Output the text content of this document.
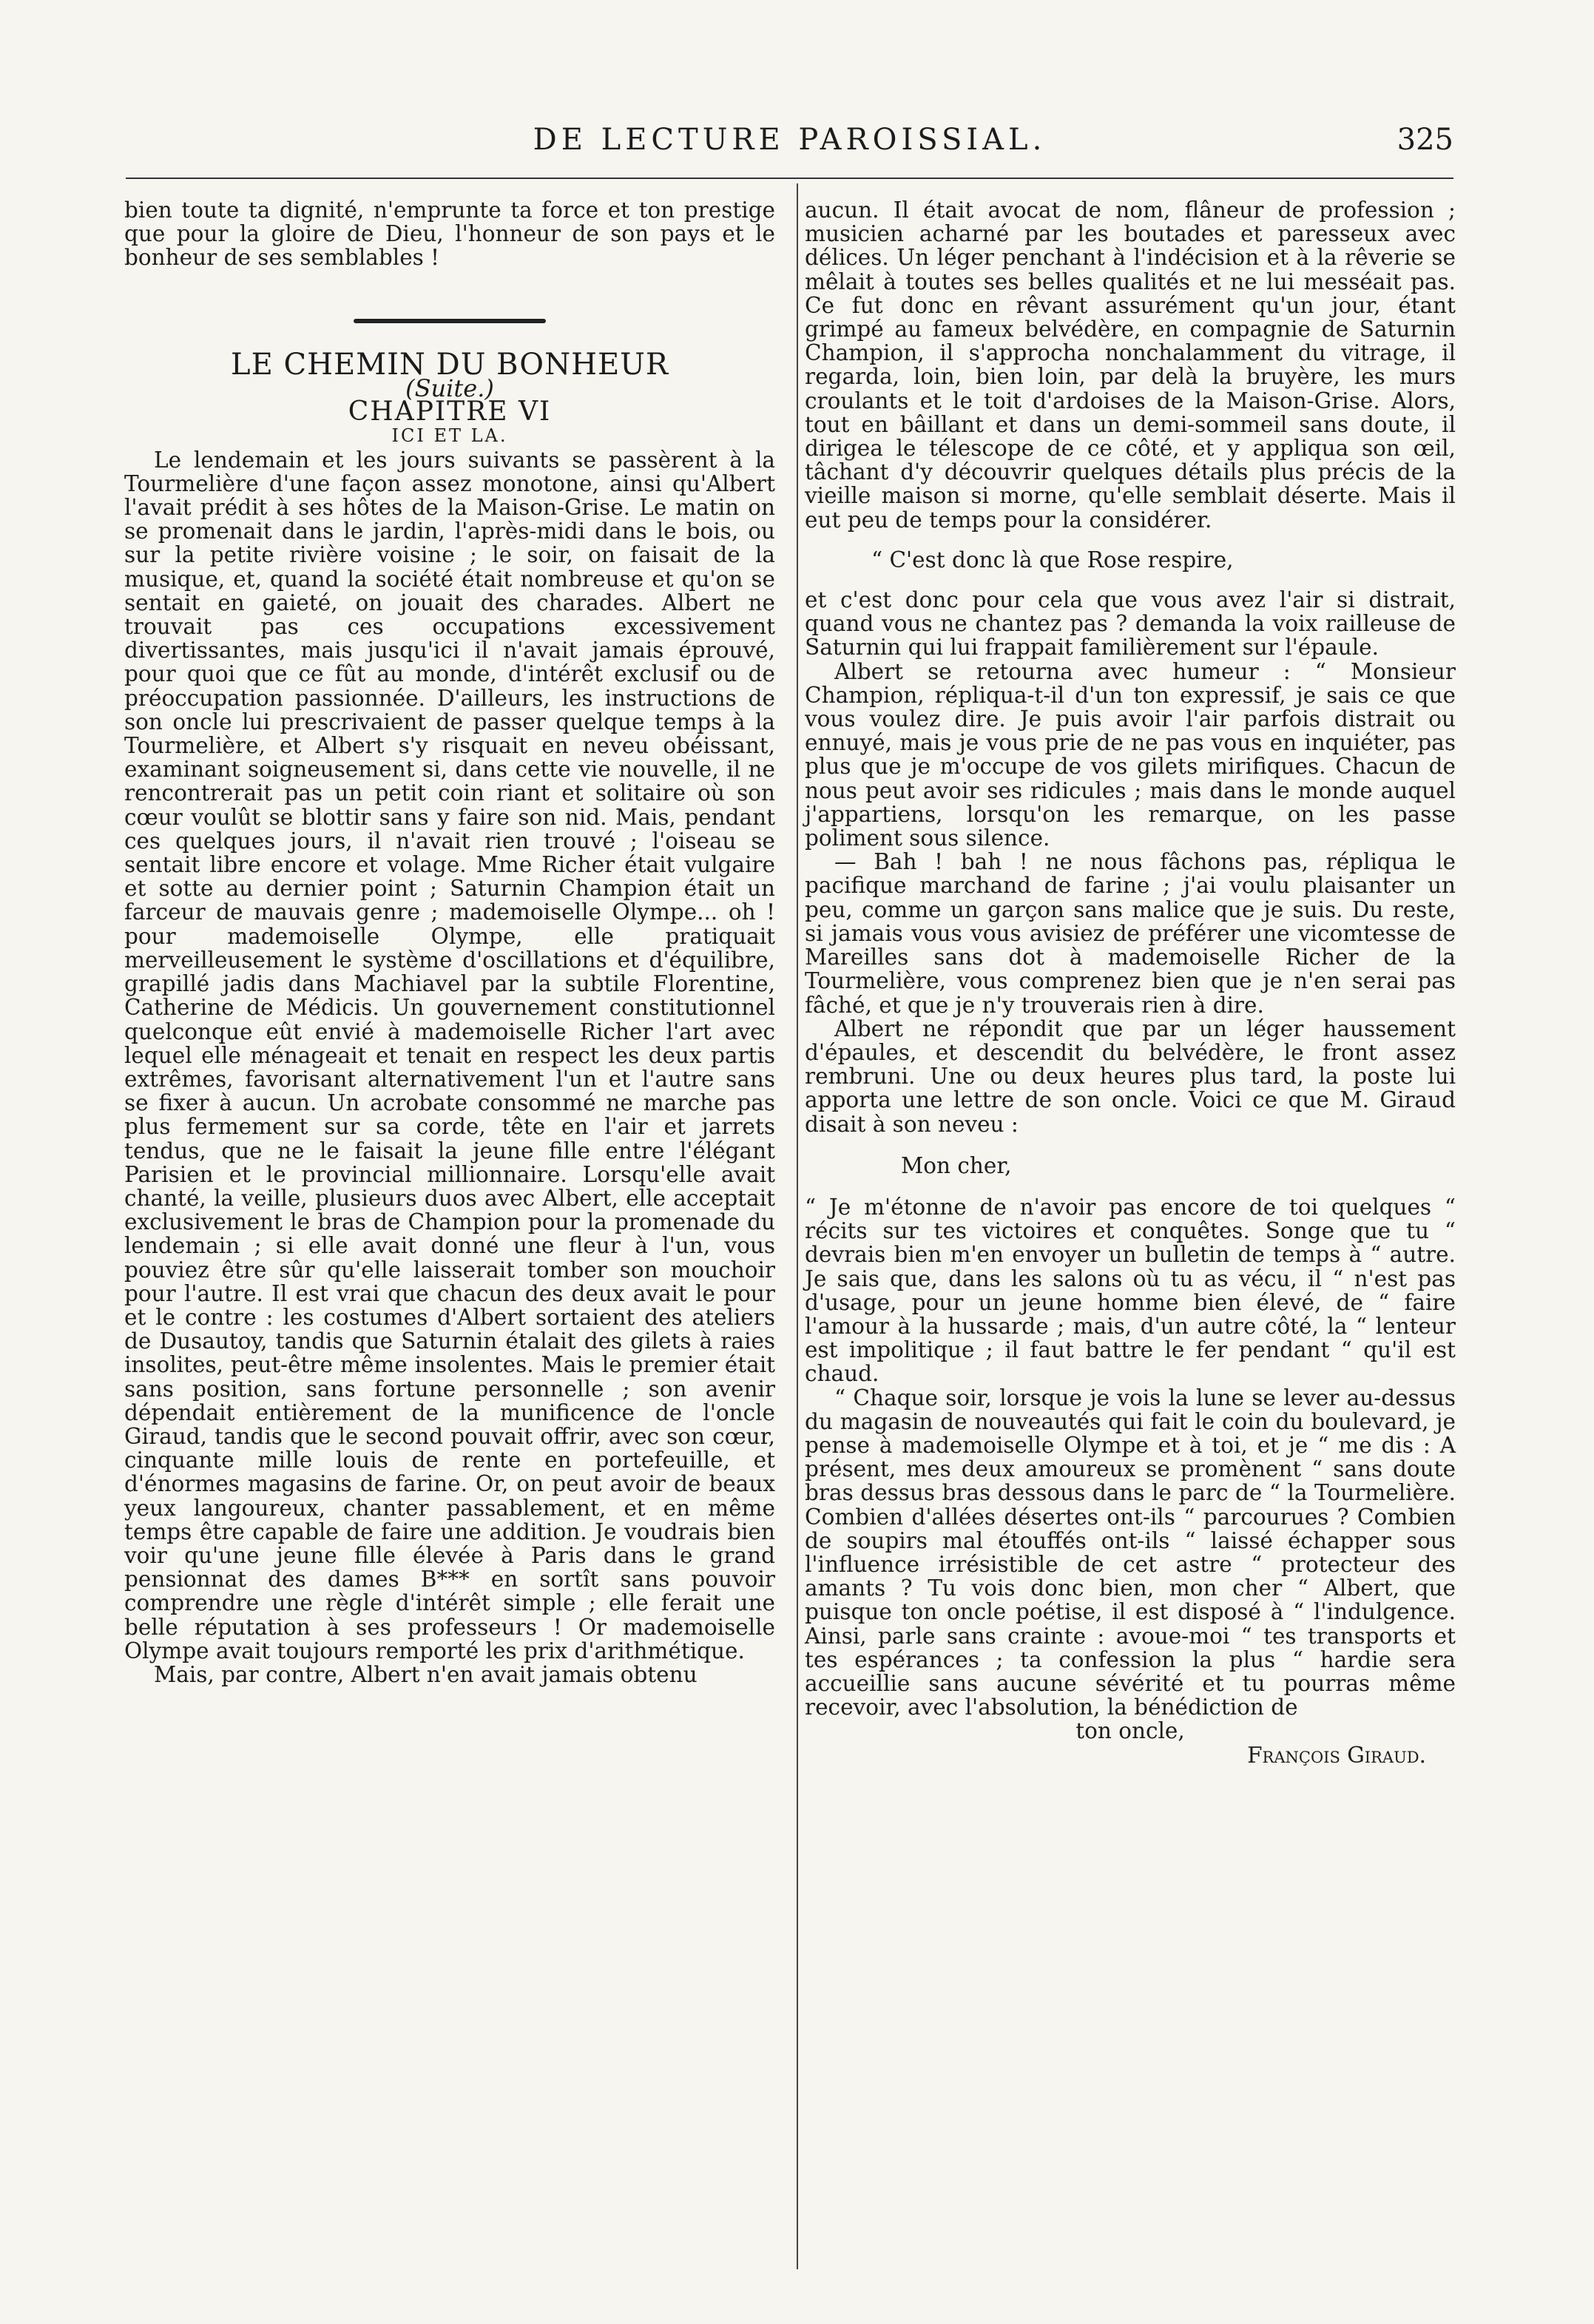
DE LECTURE PAROISSIAL.	325

bien toute ta dignité, n'emprunte ta force et ton prestige que pour la gloire de Dieu, l'honneur de son pays et le bonheur de ses semblables !

LE CHEMIN DU BONHEUR

(Suite.)

CHAPITRE VI

ICI ET LA.

Le lendemain et les jours suivants se passèrent à la Tourmelière d'une façon assez monotone, ainsi qu'Albert l'avait prédit à ses hôtes de la Maison-Grise. Le matin on se promenait dans le jardin, l'après-midi dans le bois, ou sur la petite rivière voisine ; le soir, on faisait de la musique, et, quand la société était nombreuse et qu'on se sentait en gaieté, on jouait des charades. Albert ne trouvait pas ces occupations excessivement divertissantes, mais jusqu'ici il n'avait jamais éprouvé, pour quoi que ce fût au monde, d'intérêt exclusif ou de préoccupation passionnée. D'ailleurs, les instructions de son oncle lui prescrivaient de passer quelque temps à la Tourmelière, et Albert s'y risquait en neveu obéissant, examinant soigneusement si, dans cette vie nouvelle, il ne rencontrerait pas un petit coin riant et solitaire où son cœur voulût se blottir sans y faire son nid. Mais, pendant ces quelques jours, il n'avait rien trouvé ; l'oiseau se sentait libre encore et volage. Mme Richer était vulgaire et sotte au dernier point ; Saturnin Champion était un farceur de mauvais genre ; mademoiselle Olympe... oh ! pour mademoiselle Olympe, elle pratiquait merveilleusement le système d'oscillations et d'équilibre, grapillé jadis dans Machiavel par la subtile Florentine, Catherine de Médicis. Un gouvernement constitutionnel quelconque eût envié à mademoiselle Richer l'art avec lequel elle ménageait et tenait en respect les deux partis extrêmes, favorisant alternativement l'un et l'autre sans se fixer à aucun. Un acrobate consommé ne marche pas plus fermement sur sa corde, tête en l'air et jarrets tendus, que ne le faisait la jeune fille entre l'élégant Parisien et le provincial millionnaire. Lorsqu'elle avait chanté, la veille, plusieurs duos avec Albert, elle acceptait exclusivement le bras de Champion pour la promenade du lendemain ; si elle avait donné une fleur à l'un, vous pouviez être sûr qu'elle laisserait tomber son mouchoir pour l'autre. Il est vrai que chacun des deux avait le pour et le contre : les costumes d'Albert sortaient des ateliers de Dusautoy, tandis que Saturnin étalait des gilets à raies insolites, peut-être même insolentes. Mais le premier était sans position, sans fortune personnelle ; son avenir dépendait entièrement de la munificence de l'oncle Giraud, tandis que le second pouvait offrir, avec son cœur, cinquante mille louis de rente en portefeuille, et d'énormes magasins de farine. Or, on peut avoir de beaux yeux langoureux, chanter passablement, et en même temps être capable de faire une addition. Je voudrais bien voir qu'une jeune fille élevée à Paris dans le grand pensionnat des dames B*** en sortît sans pouvoir comprendre une règle d'intérêt simple ; elle ferait une belle réputation à ses professeurs ! Or mademoiselle Olympe avait toujours remporté les prix d'arithmétique.

Mais, par contre, Albert n'en avait jamais obtenu

aucun. Il était avocat de nom, flâneur de profession ; musicien acharné par les boutades et paresseux avec délices. Un léger penchant à l'indécision et à la rêverie se mêlait à toutes ses belles qualités et ne lui messéait pas. Ce fut donc en rêvant assurément qu'un jour, étant grimpé au fameux belvédère, en compagnie de Saturnin Champion, il s'approcha nonchalamment du vitrage, il regarda, loin, bien loin, par delà la bruyère, les murs croulants et le toit d'ardoises de la Maison-Grise. Alors, tout en bâillant et dans un demi-sommeil sans doute, il dirigea le télescope de ce côté, et y appliqua son œil, tâchant d'y découvrir quelques détails plus précis de la vieille maison si morne, qu'elle semblait déserte. Mais il eut peu de temps pour la considérer.

“ C'est donc là que Rose respire,

et c'est donc pour cela que vous avez l'air si distrait, quand vous ne chantez pas ? demanda la voix railleuse de Saturnin qui lui frappait familièrement sur l'épaule.

Albert se retourna avec humeur : “ Monsieur Champion, répliqua-t-il d'un ton expressif, je sais ce que vous voulez dire. Je puis avoir l'air parfois distrait ou ennuyé, mais je vous prie de ne pas vous en inquiéter, pas plus que je m'occupe de vos gilets mirifiques. Chacun de nous peut avoir ses ridicules ; mais dans le monde auquel j'appartiens, lorsqu'on les remarque, on les passe poliment sous silence.

— Bah ! bah ! ne nous fâchons pas, répliqua le pacifique marchand de farine ; j'ai voulu plaisanter un peu, comme un garçon sans malice que je suis. Du reste, si jamais vous vous avisiez de préférer une vicomtesse de Mareilles sans dot à mademoiselle Richer de la Tourmelière, vous comprenez bien que je n'en serai pas fâché, et que je n'y trouverais rien à dire.

Albert ne répondit que par un léger haussement d'épaules, et descendit du belvédère, le front assez rembruni. Une ou deux heures plus tard, la poste lui apporta une lettre de son oncle. Voici ce que M. Giraud disait à son neveu :

Mon cher,

“ Je m'étonne de n'avoir pas encore de toi quelques “ récits sur tes victoires et conquêtes. Songe que tu “ devrais bien m'en envoyer un bulletin de temps à “ autre. Je sais que, dans les salons où tu as vécu, il “ n'est pas d'usage, pour un jeune homme bien élevé, de “ faire l'amour à la hussarde ; mais, d'un autre côté, la “ lenteur est impolitique ; il faut battre le fer pendant “ qu'il est chaud.

“ Chaque soir, lorsque je vois la lune se lever au-dessus du magasin de nouveautés qui fait le coin du boulevard, je pense à mademoiselle Olympe et à toi, et je “ me dis : A présent, mes deux amoureux se promènent “ sans doute bras dessus bras dessous dans le parc de “ la Tourmelière. Combien d'allées désertes ont-ils “ parcourues ? Combien de soupirs mal étouffés ont-ils “ laissé échapper sous l'influence irrésistible de cet astre “ protecteur des amants ? Tu vois donc bien, mon cher “ Albert, que puisque ton oncle poétise, il est disposé à “ l'indulgence. Ainsi, parle sans crainte : avoue-moi “ tes transports et tes espérances ; ta confession la plus “ hardie sera accueillie sans aucune sévérité et tu pourras même recevoir, avec l'absolution, la bénédiction de

ton oncle,

François Giraud.
